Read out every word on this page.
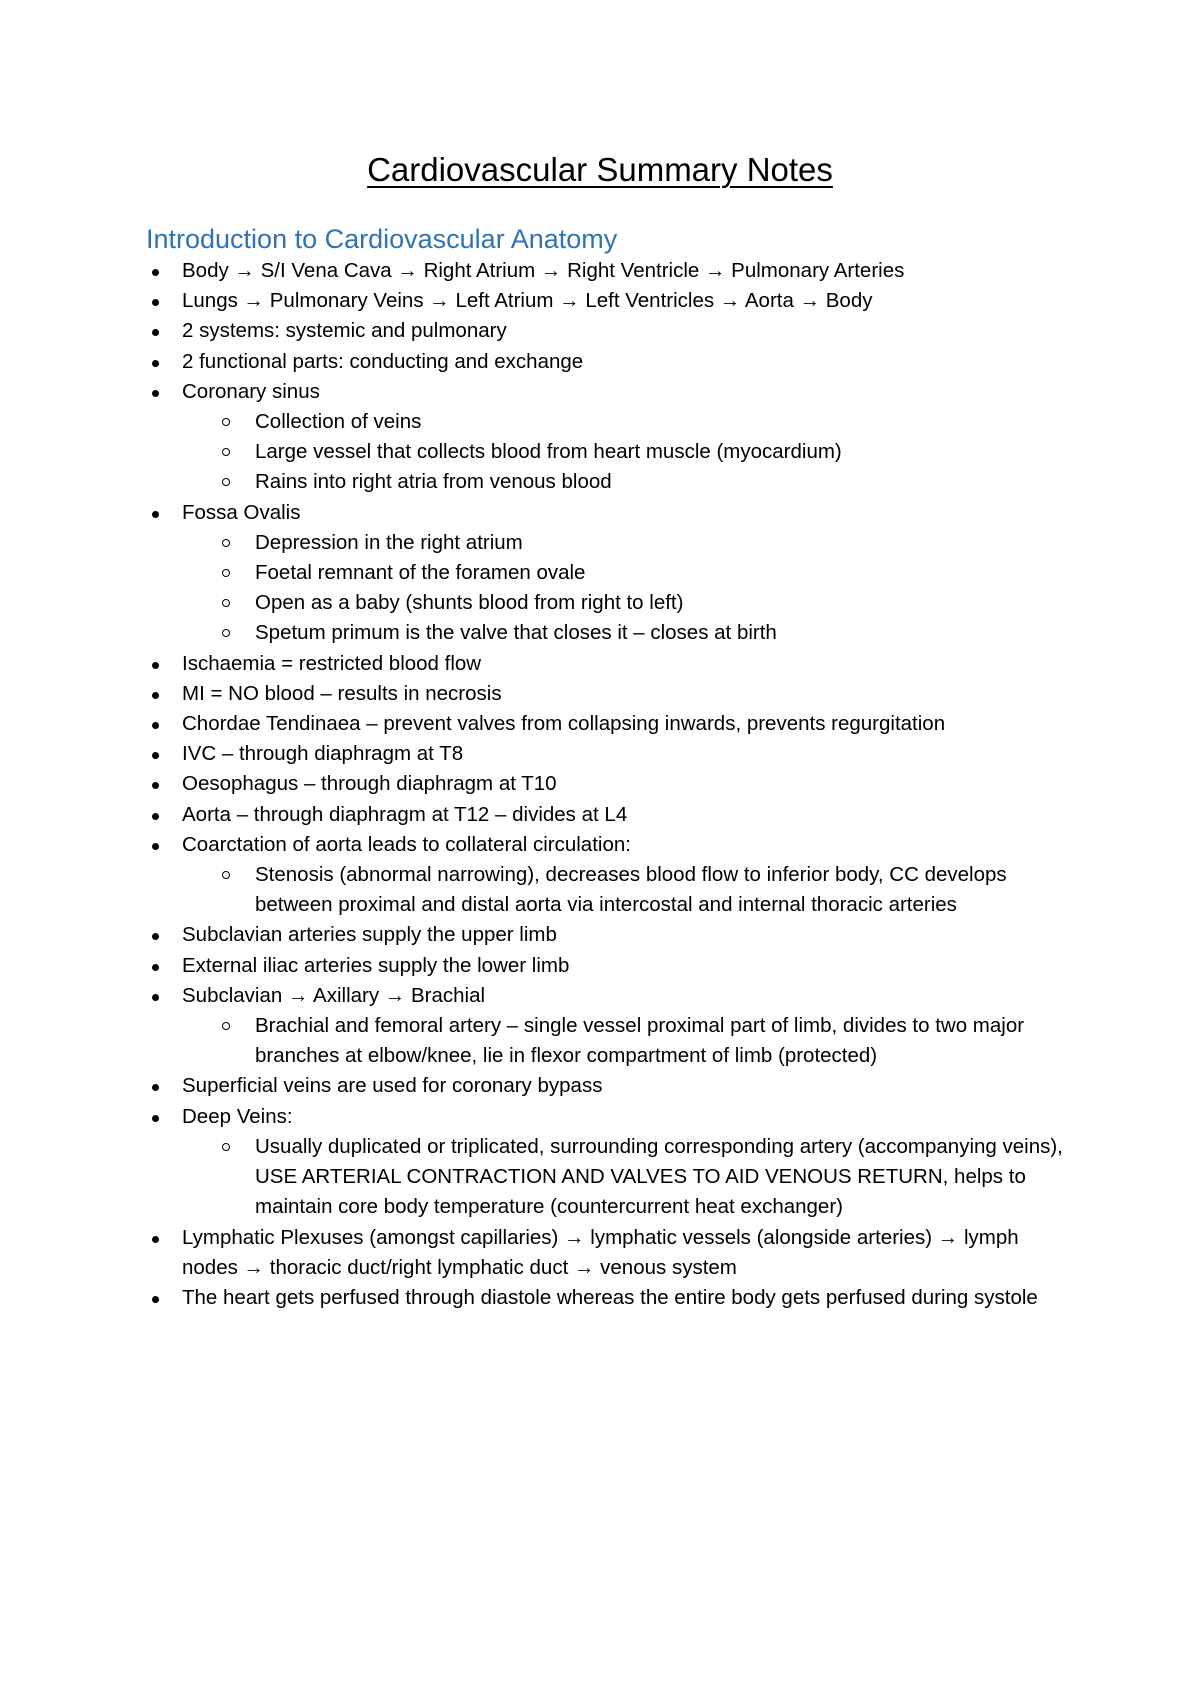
Cardiovascular Summary Notes
Introduction to Cardiovascular Anatomy
Body → S/I Vena Cava → Right Atrium → Right Ventricle → Pulmonary Arteries
Lungs → Pulmonary Veins → Left Atrium → Left Ventricles → Aorta → Body
2 systems: systemic and pulmonary
2 functional parts: conducting and exchange
Coronary sinus
Collection of veins
Large vessel that collects blood from heart muscle (myocardium)
Rains into right atria from venous blood
Fossa Ovalis
Depression in the right atrium
Foetal remnant of the foramen ovale
Open as a baby (shunts blood from right to left)
Spetum primum is the valve that closes it – closes at birth
Ischaemia = restricted blood flow
MI = NO blood – results in necrosis
Chordae Tendinaea – prevent valves from collapsing inwards, prevents regurgitation
IVC – through diaphragm at T8
Oesophagus – through diaphragm at T10
Aorta – through diaphragm at T12 – divides at L4
Coarctation of aorta leads to collateral circulation:
Stenosis (abnormal narrowing), decreases blood flow to inferior body, CC develops between proximal and distal aorta via intercostal and internal thoracic arteries
Subclavian arteries supply the upper limb
External iliac arteries supply the lower limb
Subclavian → Axillary → Brachial
Brachial and femoral artery – single vessel proximal part of limb, divides to two major branches at elbow/knee, lie in flexor compartment of limb (protected)
Superficial veins are used for coronary bypass
Deep Veins:
Usually duplicated or triplicated, surrounding corresponding artery (accompanying veins), USE ARTERIAL CONTRACTION AND VALVES TO AID VENOUS RETURN, helps to maintain core body temperature (countercurrent heat exchanger)
Lymphatic Plexuses (amongst capillaries) → lymphatic vessels (alongside arteries) → lymph nodes → thoracic duct/right lymphatic duct → venous system
The heart gets perfused through diastole whereas the entire body gets perfused during systole
